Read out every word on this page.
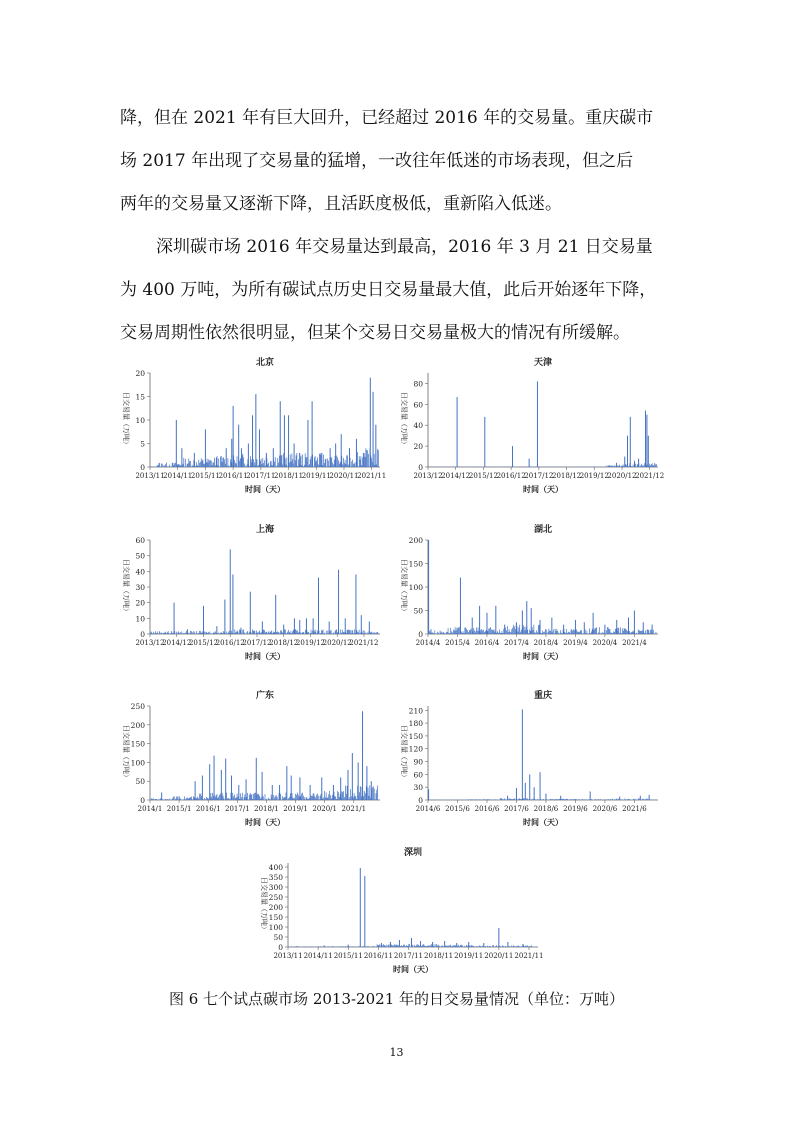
降，但在 2021 年有巨大回升，已经超过 2016 年的交易量。重庆碳市
场 2017 年出现了交易量的猛增，一改往年低迷的市场表现，但之后
两年的交易量又逐渐下降，且活跃度极低，重新陷入低迷。

深圳碳市场 2016 年交易量达到最高，2016 年 3 月 21 日交易量
为 400 万吨，为所有碳试点历史日交易量最大值，此后开始逐年下降，
交易周期性依然很明显，但某个交易日交易量极大的情况有所缓解。

北京
0
5
10
15
20
日交易量（万吨）
2013/11
2014/11
2015/11
2016/11
2017/11
2018/11
2019/11
2020/11
2021/11
时间（天）
天津
0
20
40
60
80
日交易量（万吨）
2013/12
2014/12
2015/12
2016/12
2017/12
2018/12
2019/12
2020/12
2021/12
时间（天）
上海
0
10
20
30
40
50
60
日交易量（万吨）
2013/12
2014/12
2015/12
2016/12
2017/12
2018/12
2019/12
2020/12
2021/12
时间（天）
湖北
0
50
100
150
200
日交易量（万吨）
2014/4 2015/4 2016/4 2017/4 2018/4 2019/4 2020/4 2021/4
时间（天）
广东
0
50
100
150
200
250
日交易量（万吨）
2014/1 2015/1 2016/1 2017/1 2018/1 2019/1 2020/1 2021/1
时间（天）
重庆
0
30
60
90
120
150
180
210
日交易量（万吨）
2014/6 2015/6 2016/6 2017/6 2018/6 2019/6 2020/6 2021/6
时间（天）
深圳
0
50
100
150
200
250
300
350
400
日交易量（万吨）
2013/11 2014/11 2015/11 2016/11 2017/11 2018/11 2019/11 2020/11 2021/11
时间（天）
图 6 七个试点碳市场 2013-2021 年的日交易量情况（单位：万吨）
13
